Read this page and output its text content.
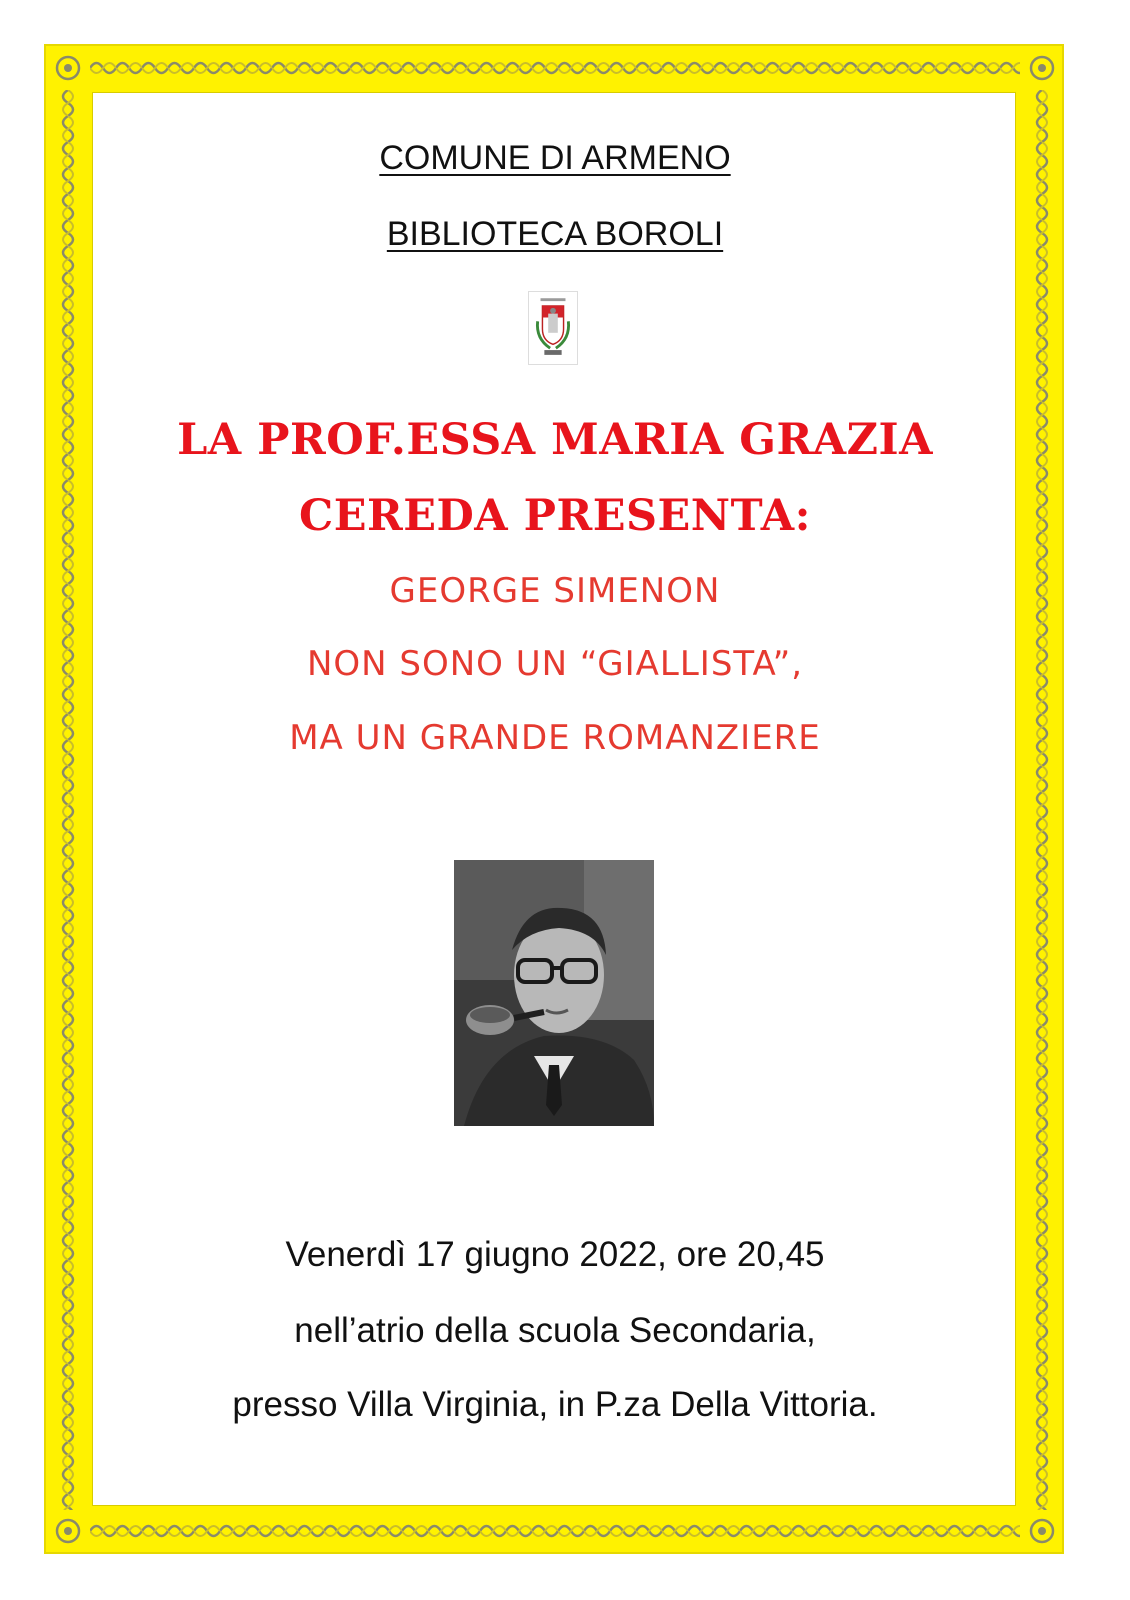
COMUNE DI ARMENO
BIBLIOTECA BOROLI
LA PROF.ESSA MARIA GRAZIA
CEREDA PRESENTA:
GEORGE SIMENON
NON SONO UN “GIALLISTA”,
MA UN GRANDE ROMANZIERE
Venerdì 17 giugno 2022, ore 20,45
nell’atrio della scuola Secondaria,
presso Villa Virginia, in P.za Della Vittoria.
